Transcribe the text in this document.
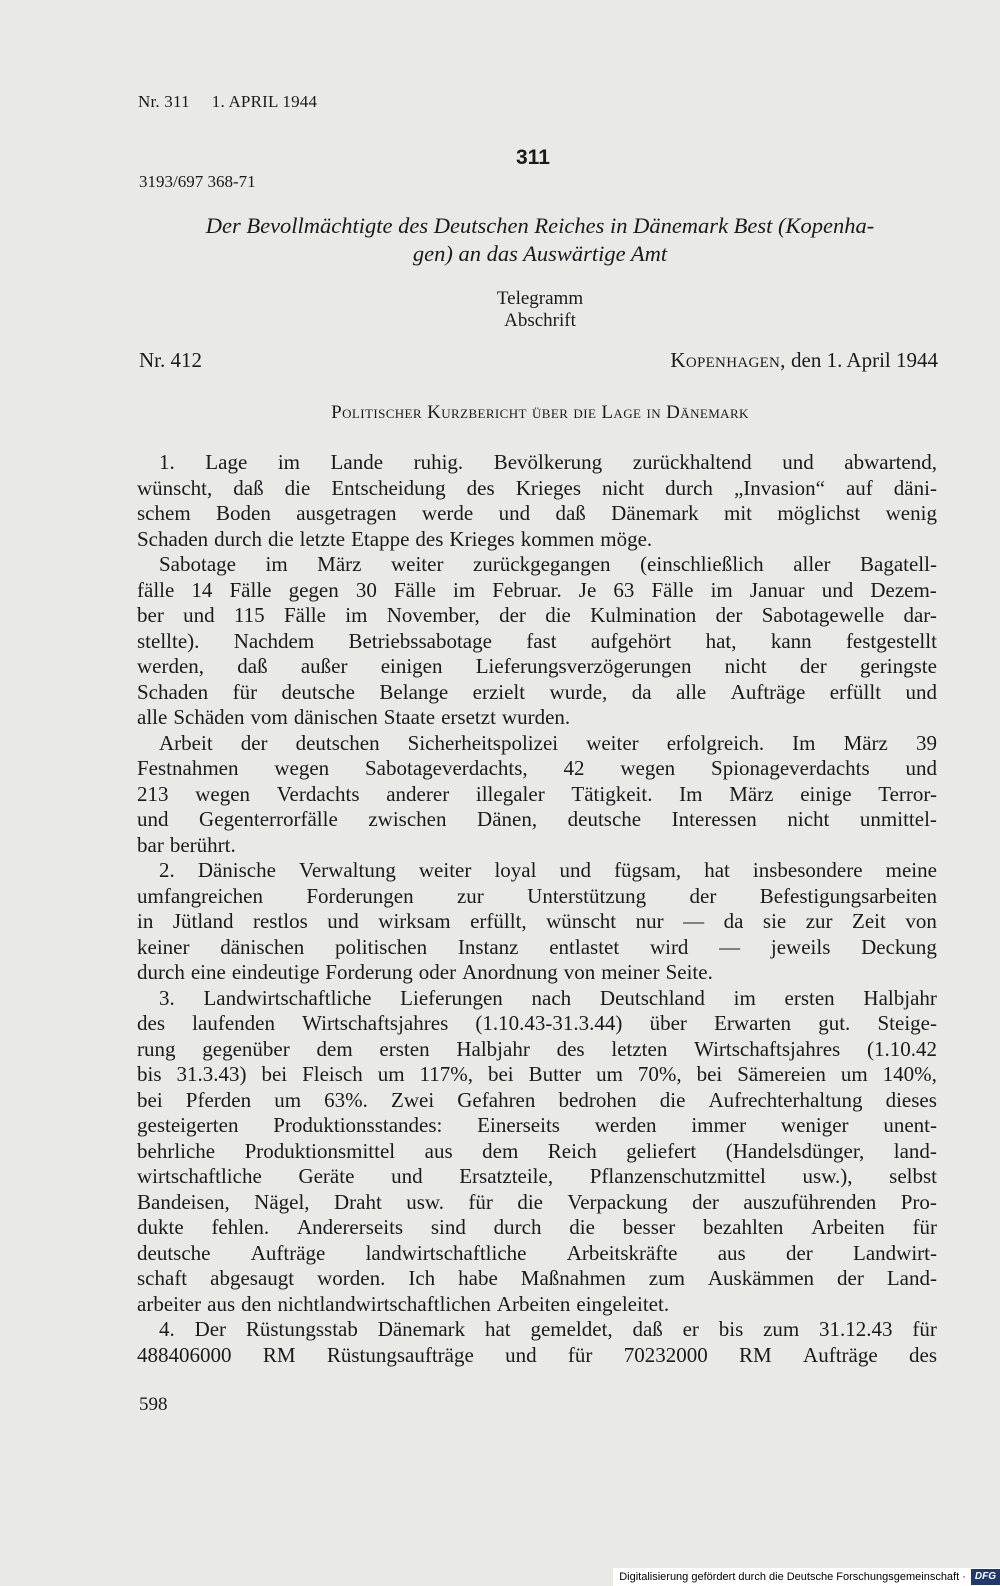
Nr. 311 1. APRIL 1944
311
3193/697 368-71
Der Bevollmächtigte des Deutschen Reiches in Dänemark Best (Kopenha-
gen) an das Auswärtige Amt
Telegramm
Abschrift
Nr. 412	Kopenhagen, den 1. April 1944
Politischer Kurzbericht über die Lage in Dänemark
1. Lage im Lande ruhig. Bevölkerung zurückhaltend und abwartend,
wünscht, daß die Entscheidung des Krieges nicht durch „Invasion“ auf däni-
schem Boden ausgetragen werde und daß Dänemark mit möglichst wenig
Schaden durch die letzte Etappe des Krieges kommen möge.
Sabotage im März weiter zurückgegangen (einschließlich aller Bagatell-
fälle 14 Fälle gegen 30 Fälle im Februar. Je 63 Fälle im Januar und Dezem-
ber und 115 Fälle im November, der die Kulmination der Sabotagewelle dar-
stellte). Nachdem Betriebssabotage fast aufgehört hat, kann festgestellt
werden, daß außer einigen Lieferungsverzögerungen nicht der geringste
Schaden für deutsche Belange erzielt wurde, da alle Aufträge erfüllt und
alle Schäden vom dänischen Staate ersetzt wurden.
Arbeit der deutschen Sicherheitspolizei weiter erfolgreich. Im März 39
Festnahmen wegen Sabotageverdachts, 42 wegen Spionageverdachts und
213 wegen Verdachts anderer illegaler Tätigkeit. Im März einige Terror-
und Gegenterrorfälle zwischen Dänen, deutsche Interessen nicht unmittel-
bar berührt.
2. Dänische Verwaltung weiter loyal und fügsam, hat insbesondere meine
umfangreichen Forderungen zur Unterstützung der Befestigungsarbeiten
in Jütland restlos und wirksam erfüllt, wünscht nur — da sie zur Zeit von
keiner dänischen politischen Instanz entlastet wird — jeweils Deckung
durch eine eindeutige Forderung oder Anordnung von meiner Seite.
3. Landwirtschaftliche Lieferungen nach Deutschland im ersten Halbjahr
des laufenden Wirtschaftsjahres (1.10.43-31.3.44) über Erwarten gut. Steige-
rung gegenüber dem ersten Halbjahr des letzten Wirtschaftsjahres (1.10.42
bis 31.3.43) bei Fleisch um 117%, bei Butter um 70%, bei Sämereien um 140%,
bei Pferden um 63%. Zwei Gefahren bedrohen die Aufrechterhaltung dieses
gesteigerten Produktionsstandes: Einerseits werden immer weniger unent-
behrliche Produktionsmittel aus dem Reich geliefert (Handelsdünger, land-
wirtschaftliche Geräte und Ersatzteile, Pflanzenschutzmittel usw.), selbst
Bandeisen, Nägel, Draht usw. für die Verpackung der auszuführenden Pro-
dukte fehlen. Andererseits sind durch die besser bezahlten Arbeiten für
deutsche Aufträge landwirtschaftliche Arbeitskräfte aus der Landwirt-
schaft abgesaugt worden. Ich habe Maßnahmen zum Auskämmen der Land-
arbeiter aus den nichtlandwirtschaftlichen Arbeiten eingeleitet.
4. Der Rüstungsstab Dänemark hat gemeldet, daß er bis zum 31.12.43 für
488406000 RM Rüstungsaufträge und für 70232000 RM Aufträge des
598
Digitalisierung gefördert durch die Deutsche Forschungsgemeinschaft · DFG
